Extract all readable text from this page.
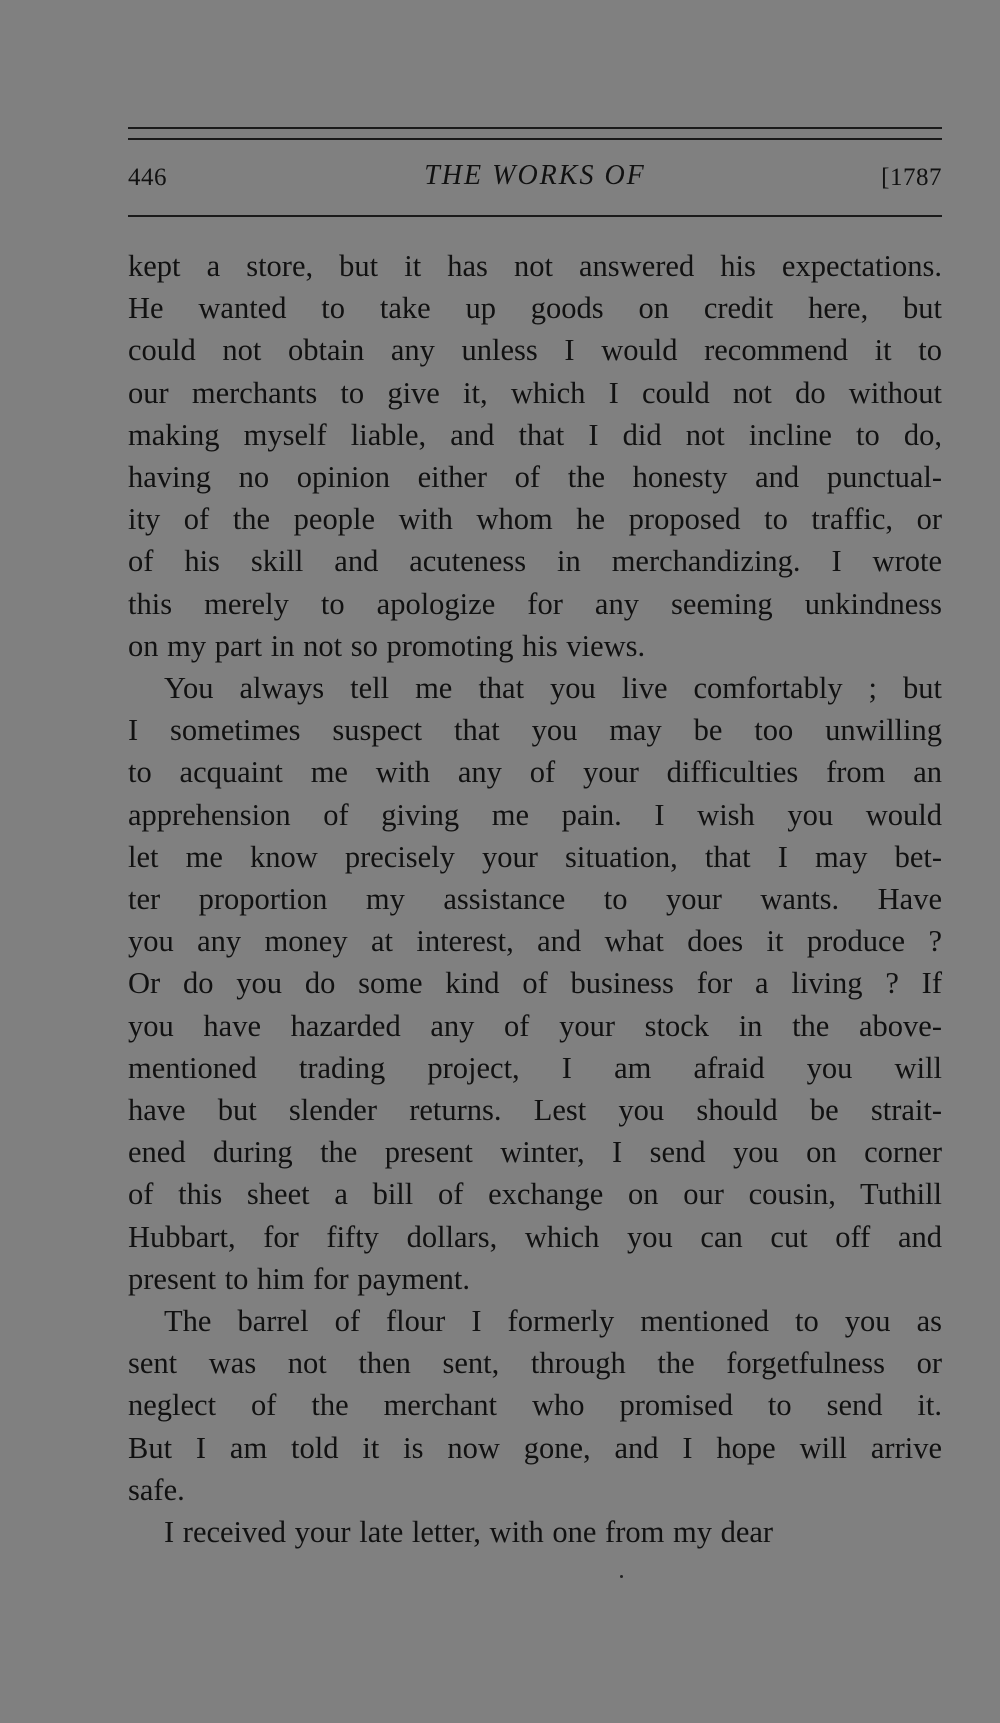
446	THE WORKS OF	[1787
kept a store, but it has not answered his expectations.
He wanted to take up goods on credit here, but
could not obtain any unless I would recommend it to
our merchants to give it, which I could not do without
making myself liable, and that I did not incline to do,
having no opinion either of the honesty and punctual-
ity of the people with whom he proposed to traffic, or
of his skill and acuteness in merchandizing. I wrote
this merely to apologize for any seeming unkindness
on my part in not so promoting his views.
You always tell me that you live comfortably ; but
I sometimes suspect that you may be too unwilling
to acquaint me with any of your difficulties from an
apprehension of giving me pain. I wish you would
let me know precisely your situation, that I may bet-
ter proportion my assistance to your wants. Have
you any money at interest, and what does it produce ?
Or do you do some kind of business for a living ? If
you have hazarded any of your stock in the above-
mentioned trading project, I am afraid you will
have but slender returns. Lest you should be strait-
ened during the present winter, I send you on corner
of this sheet a bill of exchange on our cousin, Tuthill
Hubbart, for fifty dollars, which you can cut off and
present to him for payment.
The barrel of flour I formerly mentioned to you as
sent was not then sent, through the forgetfulness or
neglect of the merchant who promised to send it.
But I am told it is now gone, and I hope will arrive
safe.
I received your late letter, with one from my dear
